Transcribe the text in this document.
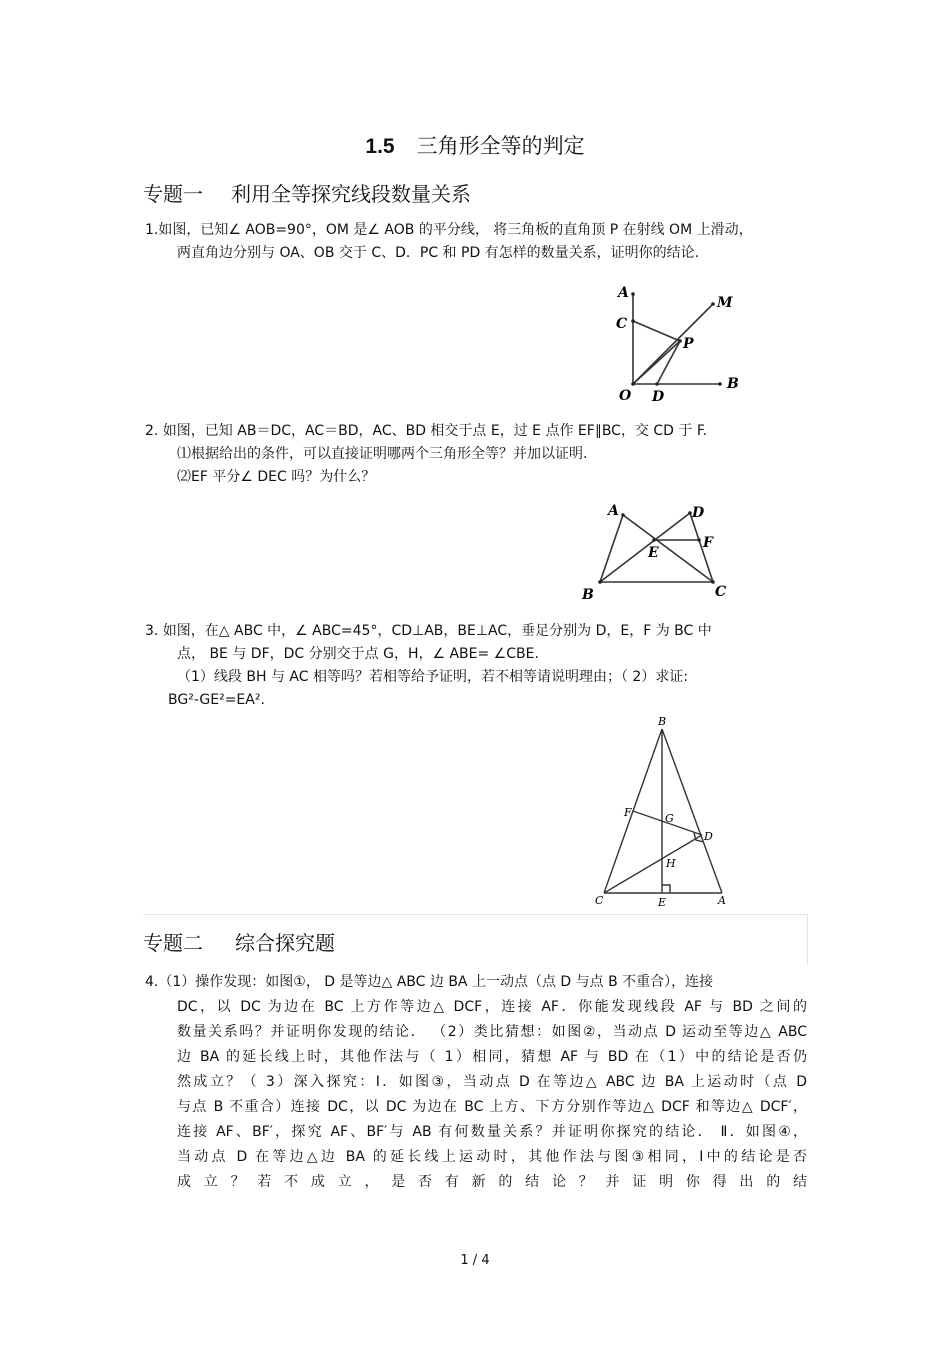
1.5 三角形全等的判定
专题一 利用全等探究线段数量关系
1.如图，已知∠ AOB=90°，OM 是∠ AOB 的平分线， 将三角板的直角顶 P 在射线 OM 上滑动，
两直角边分别与 OA、OB 交于 C、D．PC 和 PD 有怎样的数量关系，证明你的结论.
A
C
M
P
O D
B
2. 如图，已知 AB＝DC，AC＝BD，AC、BD 相交于点 E，过 E 点作 EF∥BC，交 CD 于 F.
⑴根据给出的条件，可以直接证明哪两个三角形全等？并加以证明.
⑵EF 平分∠ DEC 吗？为什么？
A	D
F
E
B	C
3. 如图，在△ ABC 中，∠ ABC=45°，CD⊥AB，BE⊥AC，垂足分别为 D，E，F 为 BC 中
点， BE 与 DF，DC 分别交于点 G，H，∠ ABE= ∠CBE.
（1）线段 BH 与 AC 相等吗？若相等给予证明，若不相等请说明理由；（ 2）求证:
BG²-GE²=EA².
B
F	G
D
H
C	E	A
专题二 综合探究题
4.（1）操作发现：如图①， D 是等边△ ABC 边 BA 上一动点（点 D 与点 B 不重合），连接
DC，以 DC 为边在 BC 上方作等边△ DCF，连接 AF．你能发现线段 AF 与 BD 之间的
数量关系吗？并证明你发现的结论． （2）类比猜想：如图②，当动点 D 运动至等边△ ABC
边 BA 的延长线上时，其他作法与（ 1）相同，猜想 AF 与 BD 在（1）中的结论是否仍
然成立？（ 3）深入探究：Ⅰ．如图③，当动点 D 在等边△ ABC 边 BA 上运动时（点 D
与点 B 不重合）连接 DC，以 DC 为边在 BC 上方、下方分别作等边△ DCF 和等边△ DCF′，
连接 AF、BF′，探究 AF、BF′与 AB 有何数量关系？并证明你探究的结论． Ⅱ．如图④，
当动点 D 在等边△边 BA 的延长线上运动时，其他作法与图③相同，Ⅰ中的结论是否
成 立 ？ 若 不 成 立 ， 是 否 有 新 的 结 论 ？ 并 证 明 你 得 出 的 结
1 / 4
